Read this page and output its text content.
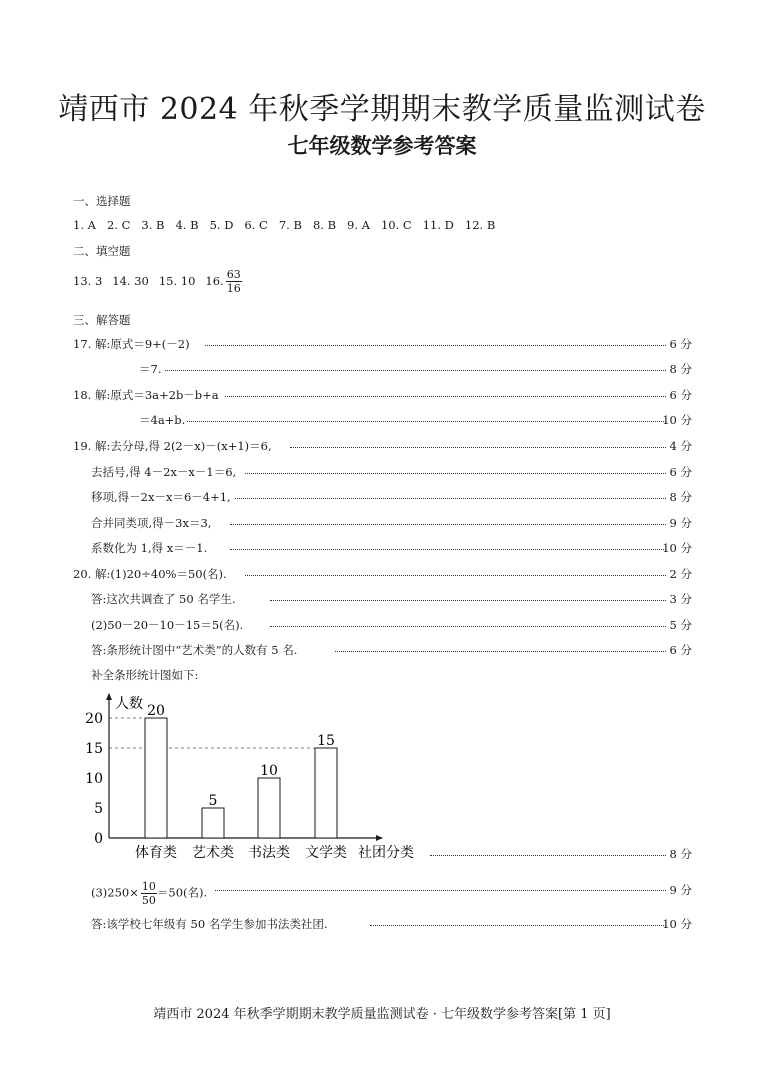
靖西市 2024 年秋季学期期末教学质量监测试卷
七年级数学参考答案
一、选择题
1. A 2. C 3. B 4. B 5. D 6. C 7. B 8. B 9. A 10. C 11. D 12. B
二、填空题
13. 3 14. 30 15. 10 16. $\frac{63}{16}$
三、解答题
17. 解:原式＝9+(－2)	6 分
＝7.	8 分
18. 解:原式＝3a+2b－b+a	6 分
＝4a+b.	10 分
19. 解:去分母,得 2(2－x)－(x+1)＝6,	4 分
去括号,得 4－2x－x－1＝6,	6 分
移项,得－2x－x＝6－4+1,	8 分
合并同类项,得－3x＝3,	9 分
系数化为 1,得 x＝－1.	10 分
20. 解:(1)20÷40%＝50(名).	2 分
答:这次共调查了 50 名学生.	3 分
(2)50－20－10－15＝5(名).	5 分
答:条形统计图中“艺术类”的人数有 5 名.	6 分
补全条形统计图如下:
人数
0
5
10
15
20	20
体育类
5
艺术类
10
书法类
15
文学类 社团分类	8 分
$(3)250\times \frac{10}{50} =50$(名).	9 分
答:该学校七年级有 50 名学生参加书法类社团.	10 分
靖西市 2024 年秋季学期期末教学质量监测试卷 · 七年级数学参考答案[第 1 页]
